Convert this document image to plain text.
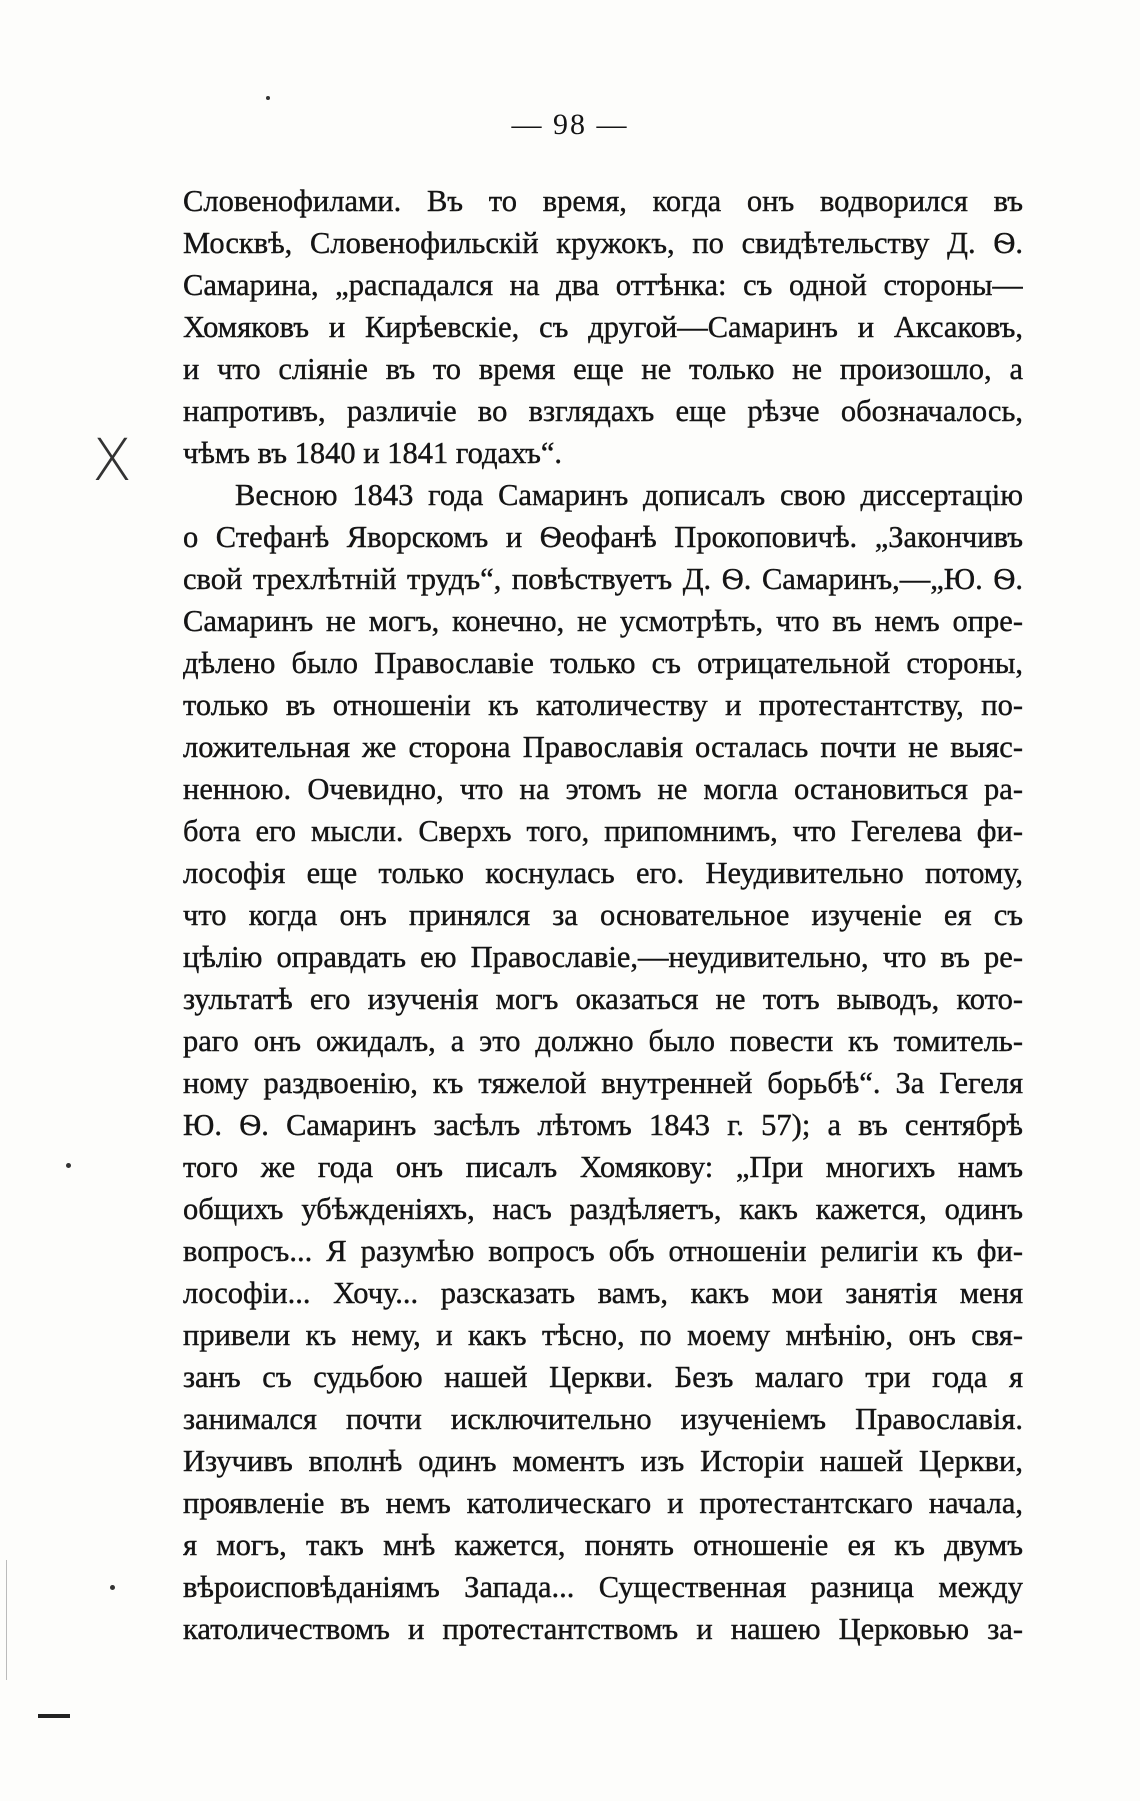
— 98 —
X
Словенофилами. Въ то время, когда онъ водворился въ
Москвѣ, Словенофильскій кружокъ, по свидѣтельству Д. Ѳ.
Самарина, „распадался на два оттѣнка: съ одной стороны—
Хомяковъ и Кирѣевскіе, съ другой—Самаринъ и Аксаковъ,
и что сліяніе въ то время еще не только не произошло, а
напротивъ, различіе во взглядахъ еще рѣзче обозначалось,
чѣмъ въ 1840 и 1841 годахъ“.
Весною 1843 года Самаринъ дописалъ свою диссертацію
о Стефанѣ Яворскомъ и Ѳеофанѣ Прокоповичѣ. „Закончивъ
свой трехлѣтній трудъ“, повѣствуетъ Д. Ѳ. Самаринъ,—„Ю. Ѳ.
Самаринъ не могъ, конечно, не усмотрѣть, что въ немъ опре-
дѣлено было Православіе только съ отрицательной стороны,
только въ отношеніи къ католичеству и протестантству, по-
ложительная же сторона Православія осталась почти не выяс-
ненною. Очевидно, что на этомъ не могла остановиться ра-
бота его мысли. Сверхъ того, припомнимъ, что Гегелева фи-
лософія еще только коснулась его. Неудивительно потому,
что когда онъ принялся за основательное изученіе ея съ
цѣлію оправдать ею Православіе,—неудивительно, что въ ре-
зультатѣ его изученія могъ оказаться не тотъ выводъ, кото-
раго онъ ожидалъ, а это должно было повести къ томитель-
ному раздвоенію, къ тяжелой внутренней борьбѣ“. За Гегеля
Ю. Ѳ. Самаринъ засѣлъ лѣтомъ 1843 г. 57); а въ сентябрѣ
того же года онъ писалъ Хомякову: „При многихъ намъ
общихъ убѣжденіяхъ, насъ раздѣляетъ, какъ кажется, одинъ
вопросъ... Я разумѣю вопросъ объ отношеніи религіи къ фи-
лософіи... Хочу... разсказать вамъ, какъ мои занятія меня
привели къ нему, и какъ тѣсно, по моему мнѣнію, онъ свя-
занъ съ судьбою нашей Церкви. Безъ малаго три года я
занимался почти исключительно изученіемъ Православія.
Изучивъ вполнѣ одинъ моментъ изъ Исторіи нашей Церкви,
проявленіе въ немъ католическаго и протестантскаго начала,
я могъ, такъ мнѣ кажется, понять отношеніе ея къ двумъ
вѣроисповѣданіямъ Запада... Существенная разница между
католичествомъ и протестантствомъ и нашею Церковью за-
